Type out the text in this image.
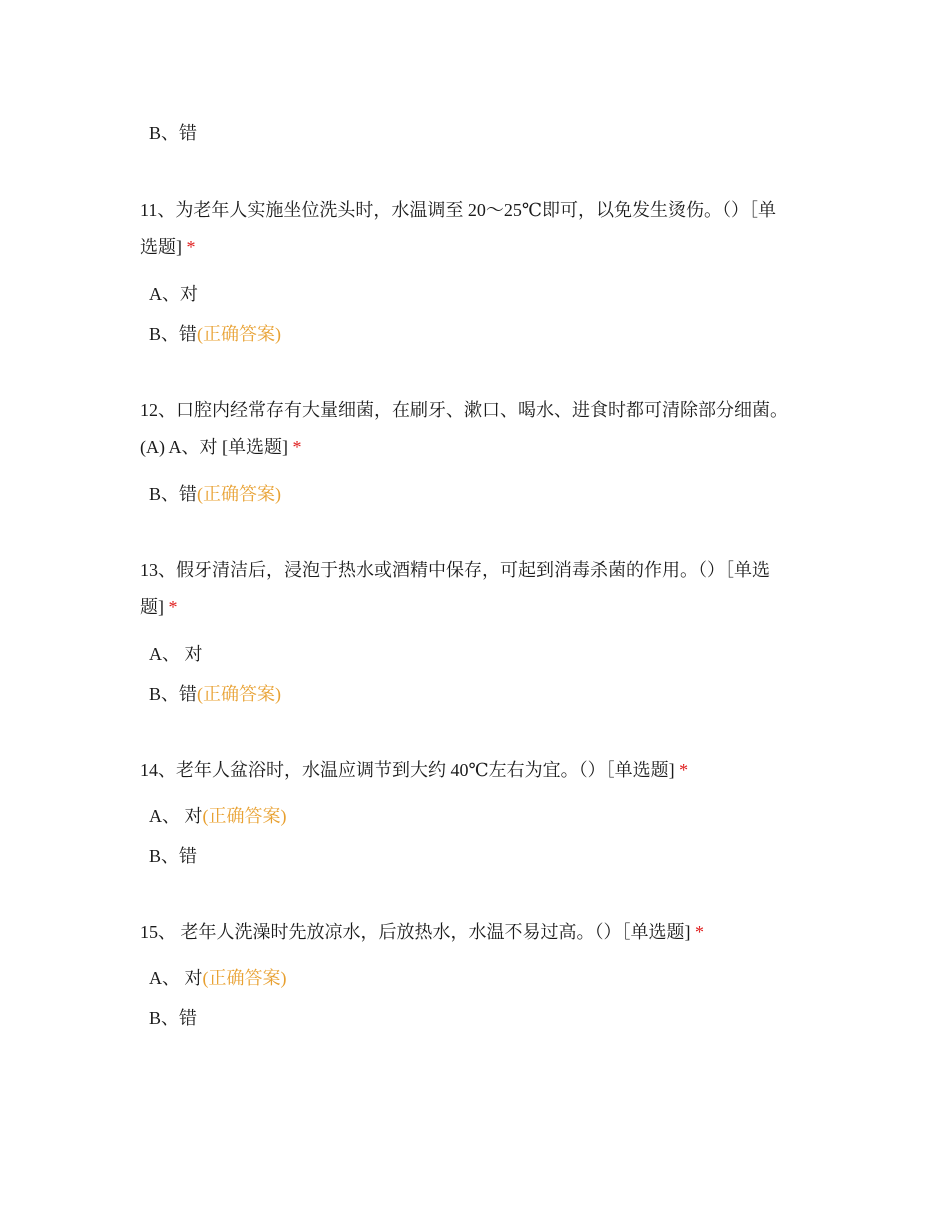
B、错
11、为老年人实施坐位洗头时，水温调至 20～25℃即可，以免发生烫伤。（）［单
选题] *
A、对
B、错(正确答案)
12、口腔内经常存有大量细菌，在刷牙、漱口、喝水、进食时都可清除部分细菌。
(A) A、对 [单选题] *
B、错(正确答案)
13、假牙清洁后，浸泡于热水或酒精中保存，可起到消毒杀菌的作用。（）［单选
题] *
A、 对
B、错(正确答案)
14、老年人盆浴时，水温应调节到大约 40℃左右为宜。（）［单选题] *
A、 对(正确答案)
B、错
15、 老年人洗澡时先放凉水，后放热水，水温不易过高。（）［单选题] *
A、 对(正确答案)
B、错
